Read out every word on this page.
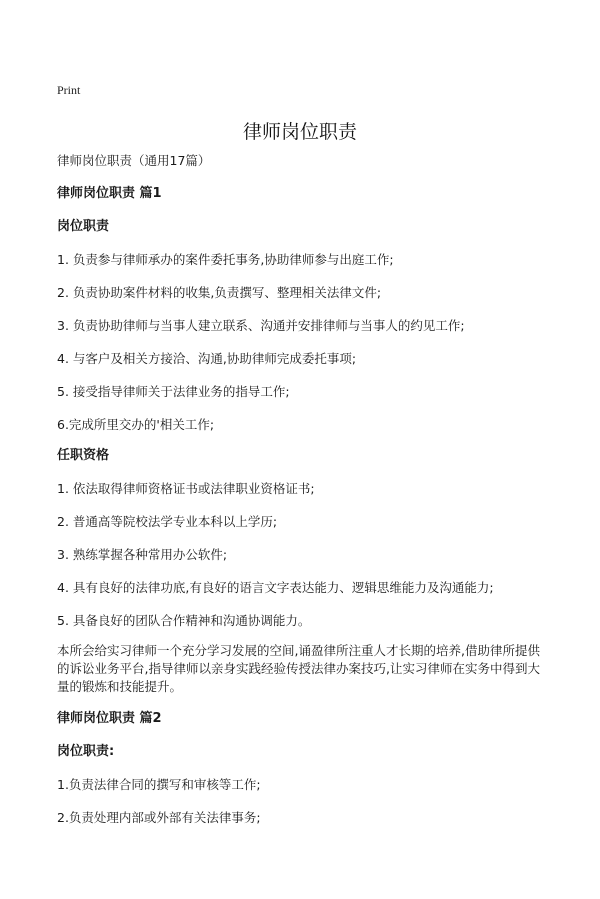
Print
律师岗位职责

律师岗位职责（通用17篇）

律师岗位职责 篇1

岗位职责

1. 负责参与律师承办的案件委托事务,协助律师参与出庭工作;

2. 负责协助案件材料的收集,负责撰写、整理相关法律文件;

3. 负责协助律师与当事人建立联系、沟通并安排律师与当事人的约见工作;

4. 与客户及相关方接洽、沟通,协助律师完成委托事项;

5. 接受指导律师关于法律业务的指导工作;

6.完成所里交办的'相关工作;

任职资格

1. 依法取得律师资格证书或法律职业资格证书;

2. 普通高等院校法学专业本科以上学历;

3. 熟练掌握各种常用办公软件;

4. 具有良好的法律功底,有良好的语言文字表达能力、逻辑思维能力及沟通能力;

5. 具备良好的团队合作精神和沟通协调能力。

本所会给实习律师一个充分学习发展的空间,诵盈律所注重人才长期的培养,借助律所提供的诉讼业务平台,指导律师以亲身实践经验传授法律办案技巧,让实习律师在实务中得到大量的锻炼和技能提升。

律师岗位职责 篇2

岗位职责:

1.负责法律合同的撰写和审核等工作;

2.负责处理内部或外部有关法律事务;
